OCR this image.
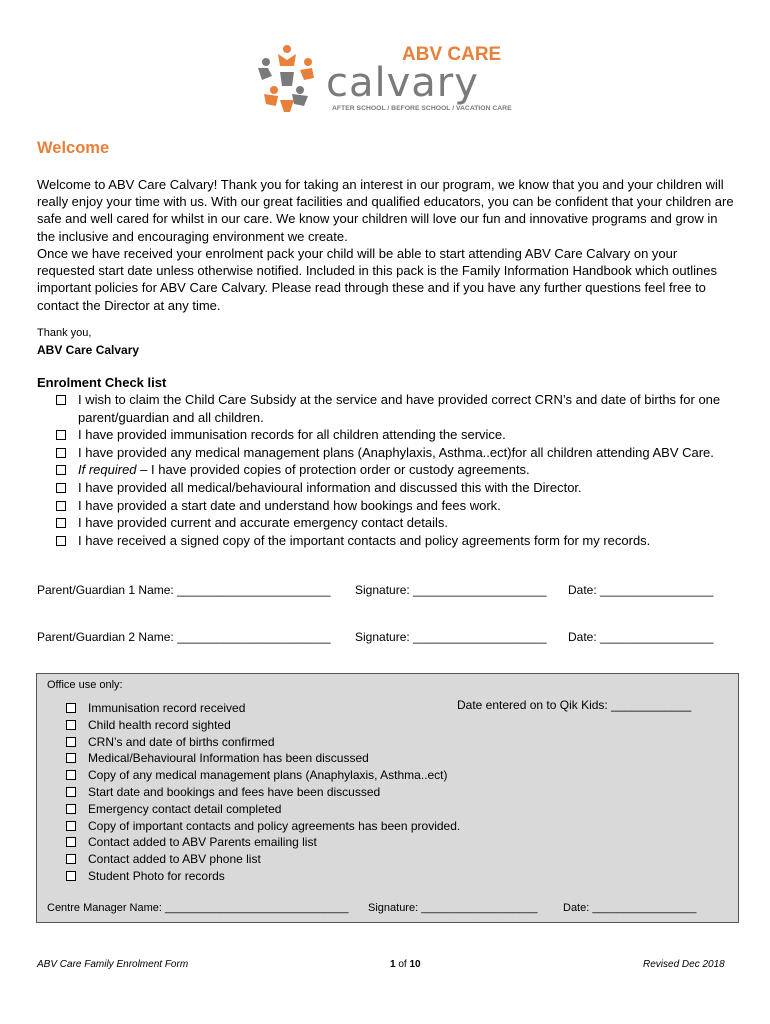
ABV CARE
calvary
AFTER SCHOOL / BEFORE SCHOOL / VACATION CARE
Welcome
Welcome to ABV Care Calvary! Thank you for taking an interest in our program, we know that you and your children will really enjoy your time with us. With our great facilities and qualified educators, you can be confident that your children are safe and well cared for whilst in our care. We know your children will love our fun and innovative programs and grow in the inclusive and encouraging environment we create.
Once we have received your enrolment pack your child will be able to start attending ABV Care Calvary on your requested start date unless otherwise notified. Included in this pack is the Family Information Handbook which outlines important policies for ABV Care Calvary. Please read through these and if you have any further questions feel free to contact the Director at any time.
Thank you,
ABV Care Calvary
Enrolment Check list
I wish to claim the Child Care Subsidy at the service and have provided correct CRN’s and date of births for one parent/guardian and all children.
I have provided immunisation records for all children attending the service.
I have provided any medical management plans (Anaphylaxis, Asthma..ect)for all children attending ABV Care.
If required – I have provided copies of protection order or custody agreements.
I have provided all medical/behavioural information and discussed this with the Director.
I have provided a start date and understand how bookings and fees work.
I have provided current and accurate emergency contact details.
I have received a signed copy of the important contacts and policy agreements form for my records.

Parent/Guardian 1 Name: _______________________

Signature: ____________________

Date: _________________

Parent/Guardian 2 Name: _______________________

Signature: ____________________

Date: _________________

Office use only:
Date entered on to Qik Kids: ____________
Immunisation record received
Child health record sighted
CRN’s and date of births confirmed
Medical/Behavioural Information has been discussed
Copy of any medical management plans (Anaphylaxis, Asthma..ect)
Start date and bookings and fees have been discussed
Emergency contact detail completed
Copy of important contacts and policy agreements has been provided.
Contact added to ABV Parents emailing list
Contact added to ABV phone list
Student Photo for records
Centre Manager Name: ______________________________ Signature: ___________________ Date: _________________
ABV Care Family Enrolment Form	1 of 10	Revised Dec 2018
